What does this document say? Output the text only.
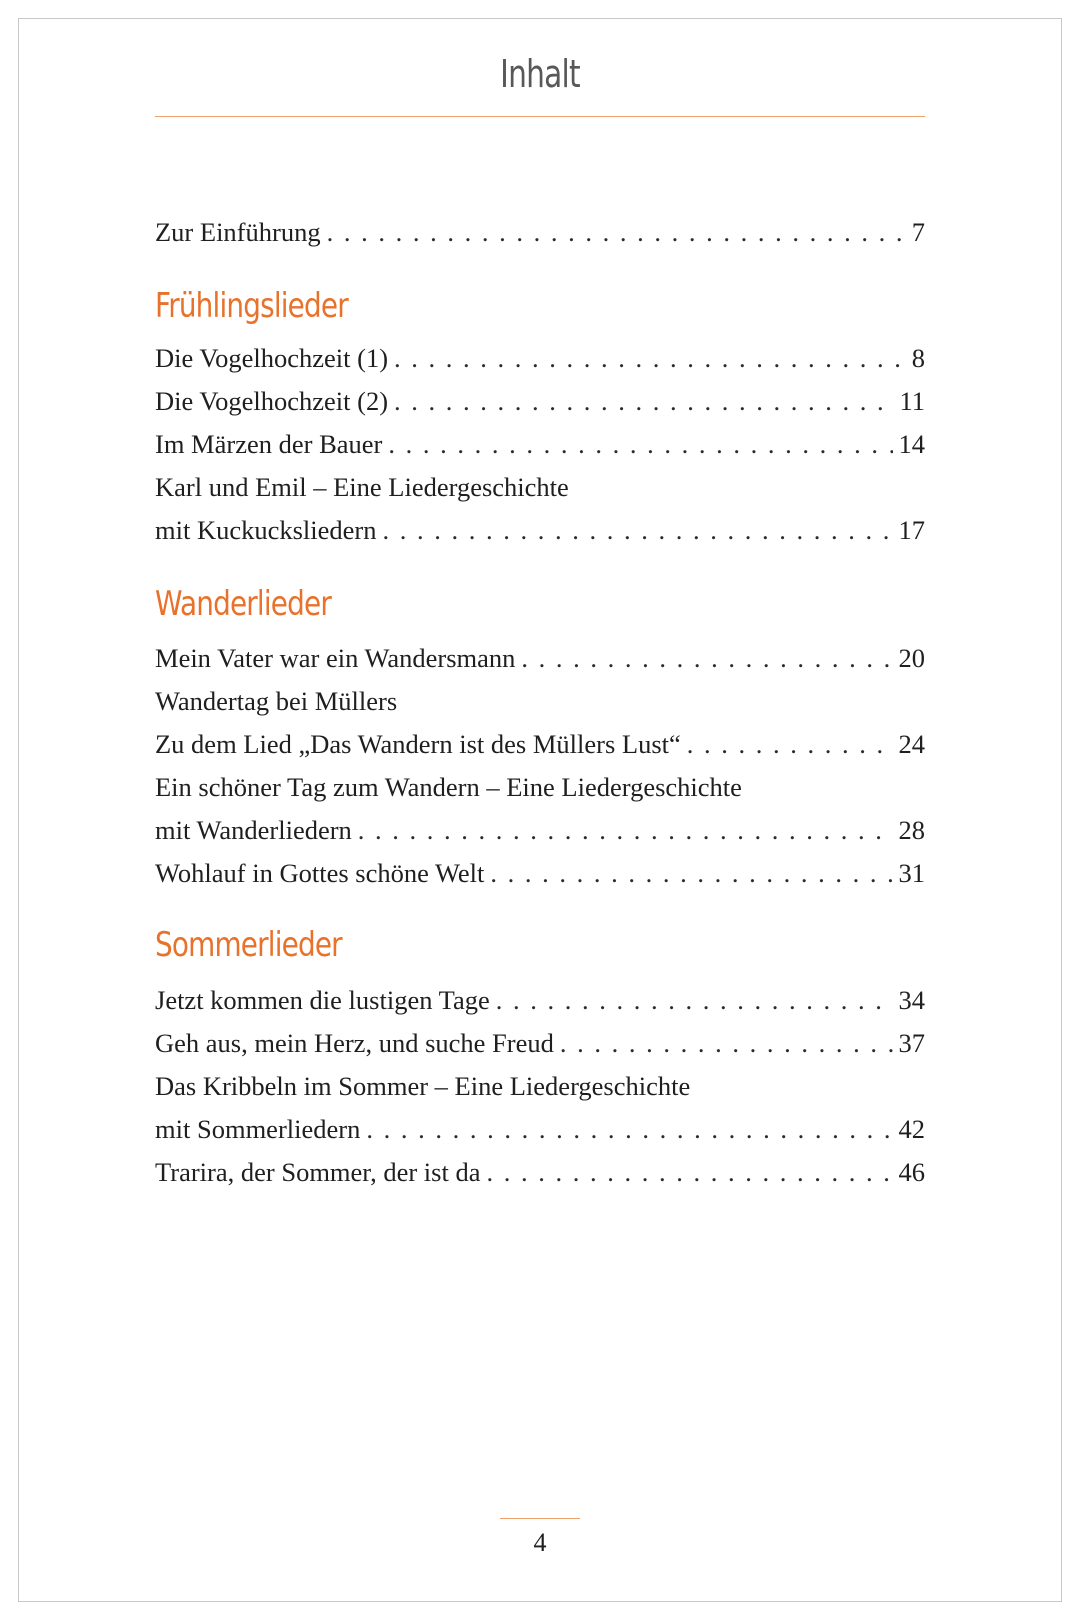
Inhalt
Zur Einführung . . .	7
Frühlingslieder
Die Vogelhochzeit (1) . . .	8
Die Vogelhochzeit (2) . . .	11
Im Märzen der Bauer . . .	14
Karl und Emil – Eine Liedergeschichte
mit Kuckucksliedern . . .	17
Wanderlieder
Mein Vater war ein Wandersmann . . .	20
Wandertag bei Müllers
Zu dem Lied „Das Wandern ist des Müllers Lust“ . . .	24
Ein schöner Tag zum Wandern – Eine Liedergeschichte
mit Wanderliedern . . .	28
Wohlauf in Gottes schöne Welt . . .	31
Sommerlieder
Jetzt kommen die lustigen Tage . . .	34
Geh aus, mein Herz, und suche Freud . . .	37
Das Kribbeln im Sommer – Eine Liedergeschichte
mit Sommerliedern . . .	42
Trarira, der Sommer, der ist da . . .	46
4
